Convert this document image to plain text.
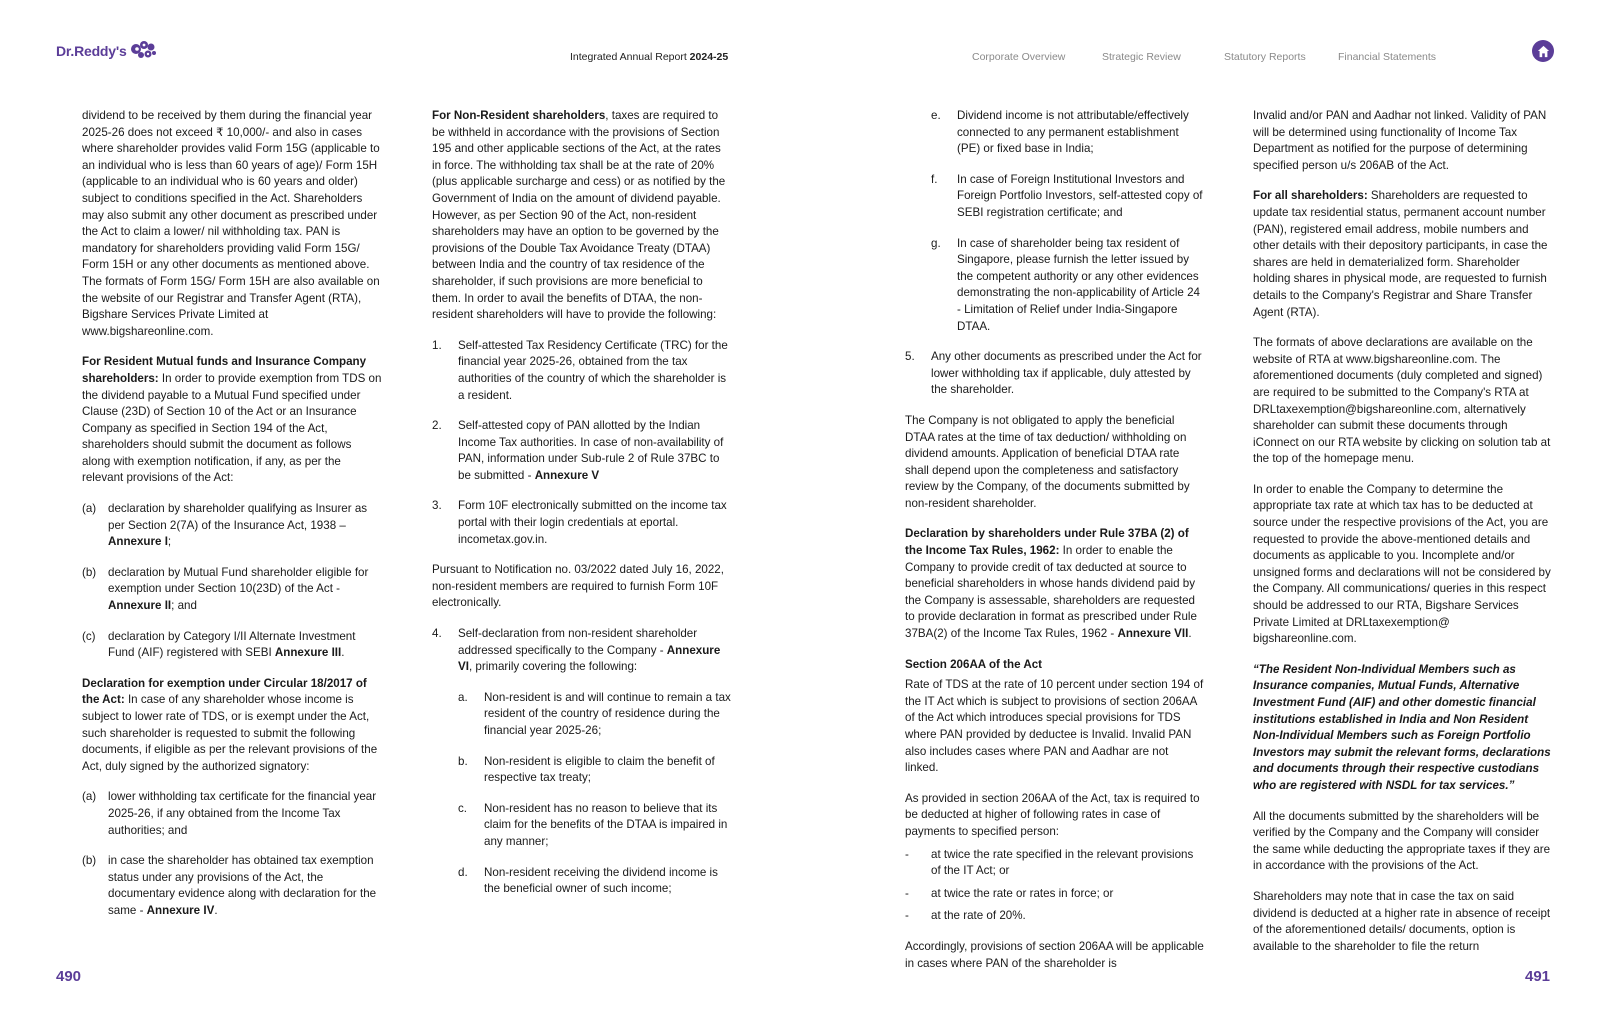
Dr.Reddy's	Integrated Annual Report 2024-25	Corporate Overview	Strategic Review	Statutory Reports	Financial Statements

dividend to be received by them during the financial year 2025-26 does not exceed ₹ 10,000/- and also in cases where shareholder provides valid Form 15G (applicable to an individual who is less than 60 years of age)/ Form 15H (applicable to an individual who is 60 years and older) subject to conditions specified in the Act. Shareholders may also submit any other document as prescribed under the Act to claim a lower/ nil withholding tax. PAN is mandatory for shareholders providing valid Form 15G/ Form 15H or any other documents as mentioned above. The formats of Form 15G/ Form 15H are also available on the website of our Registrar and Transfer Agent (RTA), Bigshare Services Private Limited at www.bigshareonline.com.

For Resident Mutual funds and Insurance Company shareholders: In order to provide exemption from TDS on the dividend payable to a Mutual Fund specified under Clause (23D) of Section 10 of the Act or an Insurance Company as specified in Section 194 of the Act, shareholders should submit the document as follows along with exemption notification, if any, as per the relevant provisions of the Act:

(a) declaration by shareholder qualifying as Insurer as per Section 2(7A) of the Insurance Act, 1938 – Annexure I;
(b) declaration by Mutual Fund shareholder eligible for exemption under Section 10(23D) of the Act - Annexure II; and
(c) declaration by Category I/II Alternate Investment Fund (AIF) registered with SEBI Annexure III.

Declaration for exemption under Circular 18/2017 of the Act: In case of any shareholder whose income is subject to lower rate of TDS, or is exempt under the Act, such shareholder is requested to submit the following documents, if eligible as per the relevant provisions of the Act, duly signed by the authorized signatory:

(a) lower withholding tax certificate for the financial year 2025-26, if any obtained from the Income Tax authorities; and
(b) in case the shareholder has obtained tax exemption status under any provisions of the Act, the documentary evidence along with declaration for the same - Annexure IV.

For Non-Resident shareholders, taxes are required to be withheld in accordance with the provisions of Section 195 and other applicable sections of the Act, at the rates in force. The withholding tax shall be at the rate of 20% (plus applicable surcharge and cess) or as notified by the Government of India on the amount of dividend payable. However, as per Section 90 of the Act, non-resident shareholders may have an option to be governed by the provisions of the Double Tax Avoidance Treaty (DTAA) between India and the country of tax residence of the shareholder, if such provisions are more beneficial to them. In order to avail the benefits of DTAA, the non-resident shareholders will have to provide the following:

1. Self-attested Tax Residency Certificate (TRC) for the financial year 2025-26, obtained from the tax authorities of the country of which the shareholder is a resident.
2. Self-attested copy of PAN allotted by the Indian Income Tax authorities. In case of non-availability of PAN, information under Sub-rule 2 of Rule 37BC to be submitted - Annexure V
3. Form 10F electronically submitted on the income tax portal with their login credentials at eportal. incometax.gov.in.

Pursuant to Notification no. 03/2022 dated July 16, 2022, non-resident members are required to furnish Form 10F electronically.

4. Self-declaration from non-resident shareholder addressed specifically to the Company - Annexure VI, primarily covering the following:
a. Non-resident is and will continue to remain a tax resident of the country of residence during the financial year 2025-26;
b. Non-resident is eligible to claim the benefit of respective tax treaty;
c. Non-resident has no reason to believe that its claim for the benefits of the DTAA is impaired in any manner;
d. Non-resident receiving the dividend income is the beneficial owner of such income;
e. Dividend income is not attributable/effectively connected to any permanent establishment (PE) or fixed base in India;
f. In case of Foreign Institutional Investors and Foreign Portfolio Investors, self-attested copy of SEBI registration certificate; and
g. In case of shareholder being tax resident of Singapore, please furnish the letter issued by the competent authority or any other evidences demonstrating the non-applicability of Article 24 - Limitation of Relief under India-Singapore DTAA.
5. Any other documents as prescribed under the Act for lower withholding tax if applicable, duly attested by the shareholder.

The Company is not obligated to apply the beneficial DTAA rates at the time of tax deduction/ withholding on dividend amounts. Application of beneficial DTAA rate shall depend upon the completeness and satisfactory review by the Company, of the documents submitted by non-resident shareholder.

Declaration by shareholders under Rule 37BA (2) of the Income Tax Rules, 1962: In order to enable the Company to provide credit of tax deducted at source to beneficial shareholders in whose hands dividend paid by the Company is assessable, shareholders are requested to provide declaration in format as prescribed under Rule 37BA(2) of the Income Tax Rules, 1962 - Annexure VII.

Section 206AA of the Act

Rate of TDS at the rate of 10 percent under section 194 of the IT Act which is subject to provisions of section 206AA of the Act which introduces special provisions for TDS where PAN provided by deductee is Invalid. Invalid PAN also includes cases where PAN and Aadhar are not linked.

As provided in section 206AA of the Act, tax is required to be deducted at higher of following rates in case of payments to specified person:

- at twice the rate specified in the relevant provisions of the IT Act; or
- at twice the rate or rates in force; or
- at the rate of 20%.

Accordingly, provisions of section 206AA will be applicable in cases where PAN of the shareholder is

Invalid and/or PAN and Aadhar not linked. Validity of PAN will be determined using functionality of Income Tax Department as notified for the purpose of determining specified person u/s 206AB of the Act.

For all shareholders: Shareholders are requested to update tax residential status, permanent account number (PAN), registered email address, mobile numbers and other details with their depository participants, in case the shares are held in dematerialized form. Shareholder holding shares in physical mode, are requested to furnish details to the Company's Registrar and Share Transfer Agent (RTA).

The formats of above declarations are available on the website of RTA at www.bigshareonline.com. The aforementioned documents (duly completed and signed) are required to be submitted to the Company's RTA at DRLtaxexemption@bigshareonline.com, alternatively shareholder can submit these documents through iConnect on our RTA website by clicking on solution tab at the top of the homepage menu.

In order to enable the Company to determine the appropriate tax rate at which tax has to be deducted at source under the respective provisions of the Act, you are requested to provide the above-mentioned details and documents as applicable to you. Incomplete and/or unsigned forms and declarations will not be considered by the Company. All communications/ queries in this respect should be addressed to our RTA, Bigshare Services Private Limited at DRLtaxexemption@ bigshareonline.com.

“The Resident Non-Individual Members such as Insurance companies, Mutual Funds, Alternative Investment Fund (AIF) and other domestic financial institutions established in India and Non Resident Non-Individual Members such as Foreign Portfolio Investors may submit the relevant forms, declarations and documents through their respective custodians who are registered with NSDL for tax services.”

All the documents submitted by the shareholders will be verified by the Company and the Company will consider the same while deducting the appropriate taxes if they are in accordance with the provisions of the Act.

Shareholders may note that in case the tax on said dividend is deducted at a higher rate in absence of receipt of the aforementioned details/ documents, option is available to the shareholder to file the return

490	491
